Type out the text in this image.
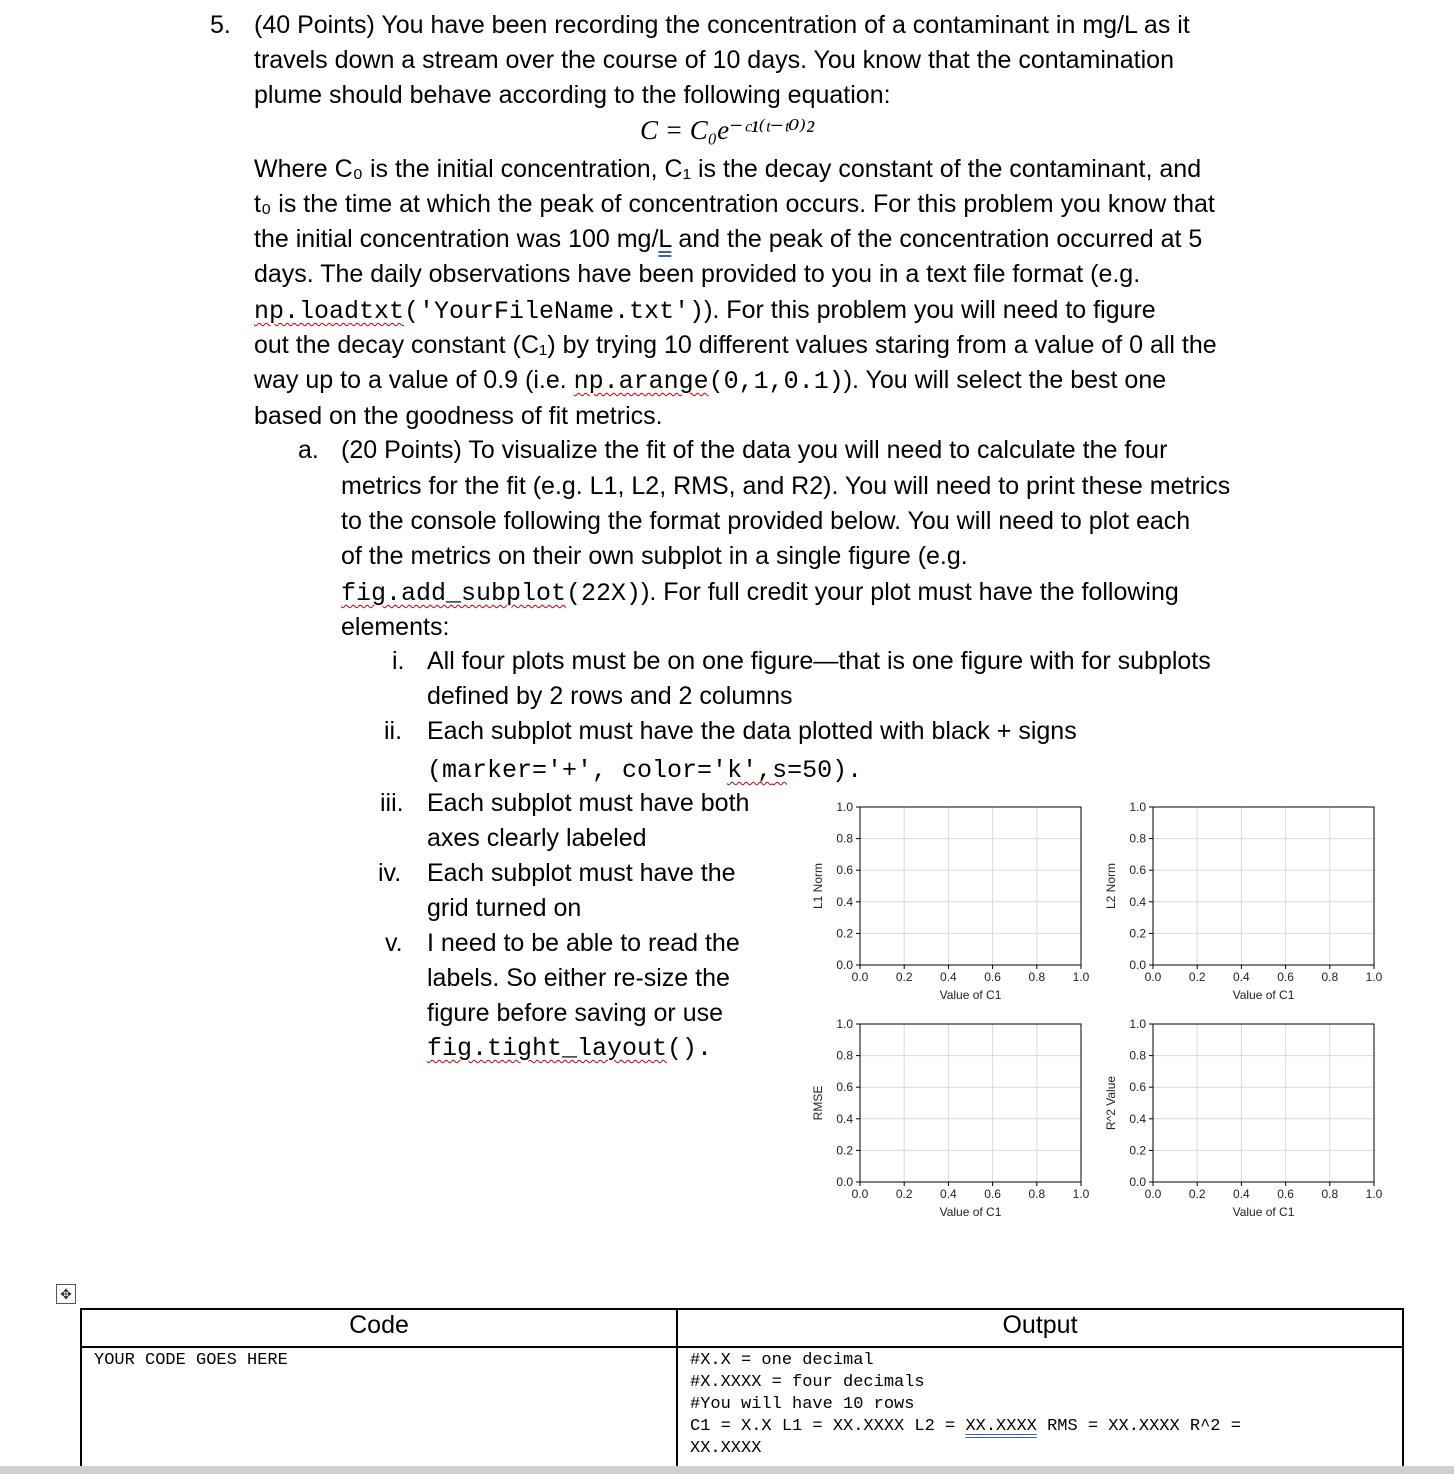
5. (40 Points) You have been recording the concentration of a contaminant in mg/L as it
travels down a stream over the course of 10 days. You know that the contamination
plume should behave according to the following equation:
C = C₀e⁻ᶜ¹⁽ᵗ⁻ᵗ⁰⁾²
Where C₀ is the initial concentration, C₁ is the decay constant of the contaminant, and
t₀ is the time at which the peak of concentration occurs. For this problem you know that
the initial concentration was 100 mg/L and the peak of the concentration occurred at 5
days. The daily observations have been provided to you in a text file format (e.g.
np.loadtxt('YourFileName.txt')). For this problem you will need to figure
out the decay constant (C₁) by trying 10 different values staring from a value of 0 all the
way up to a value of 0.9 (i.e. np.arange(0,1,0.1)). You will select the best one
based on the goodness of fit metrics.
a. (20 Points) To visualize the fit of the data you will need to calculate the four
metrics for the fit (e.g. L1, L2, RMS, and R2). You will need to print these metrics
to the console following the format provided below. You will need to plot each
of the metrics on their own subplot in a single figure (e.g.
fig.add_subplot(22X)). For full credit your plot must have the following
elements:
i. All four plots must be on one figure—that is one figure with for subplots
defined by 2 rows and 2 columns
ii. Each subplot must have the data plotted with black + signs
(marker='+', color='k',s=50).
iii. Each subplot must have both
axes clearly labeled
iv. Each subplot must have the
grid turned on
v. I need to be able to read the
labels. So either re-size the
figure before saving or use
fig.tight_layout().
0.0 0.2 0.4 0.6 0.8 1.0
0.0
0.2
0.4
0.6
0.8
1.0
Value of C1
L1 Norm
0.0 0.2 0.4 0.6 0.8 1.0
0.0
0.2
0.4
0.6
0.8
1.0
Value of C1
L2 Norm
0.0 0.2 0.4 0.6 0.8 1.0
0.0
0.2
0.4
0.6
0.8
1.0
Value of C1
RMSE
0.0 0.2 0.4 0.6 0.8 1.0
0.0
0.2
0.4
0.6
0.8
1.0
Value of C1
R^2 Value
✥
Code	Output

YOUR CODE GOES HERE	#X.X = one decimal
#X.XXXX = four decimals
#You will have 10 rows
C1 = X.X L1 = XX.XXXX L2 = XX.XXXX RMS = XX.XXXX R^2 =
XX.XXXX
